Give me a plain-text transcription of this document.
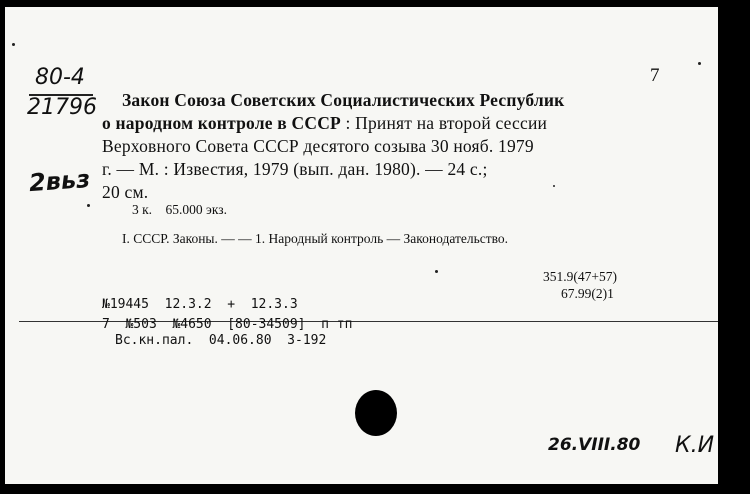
80-4
21796
2вьз
7
Закон Союза Советских Социалистических Республик
о народном контроле в СССР : Принят на второй сессии
Верховного Совета СССР десятого созыва 30 нояб. 1979
г. — М. : Известия, 1979 (вып. дан. 1980). — 24 с.;
20 см.
3 к.    65.000 экз.
I. СССР. Законы. — — 1. Народный контроль — Законодательство.
351.9(47+57)
67.99(2)1
№19445  12.3.2  +  12.3.3
7  №503  №4650  [80-34509]  п тп
Вс.кн.пал.  04.06.80  З-192
26.VIII.80 К.И
